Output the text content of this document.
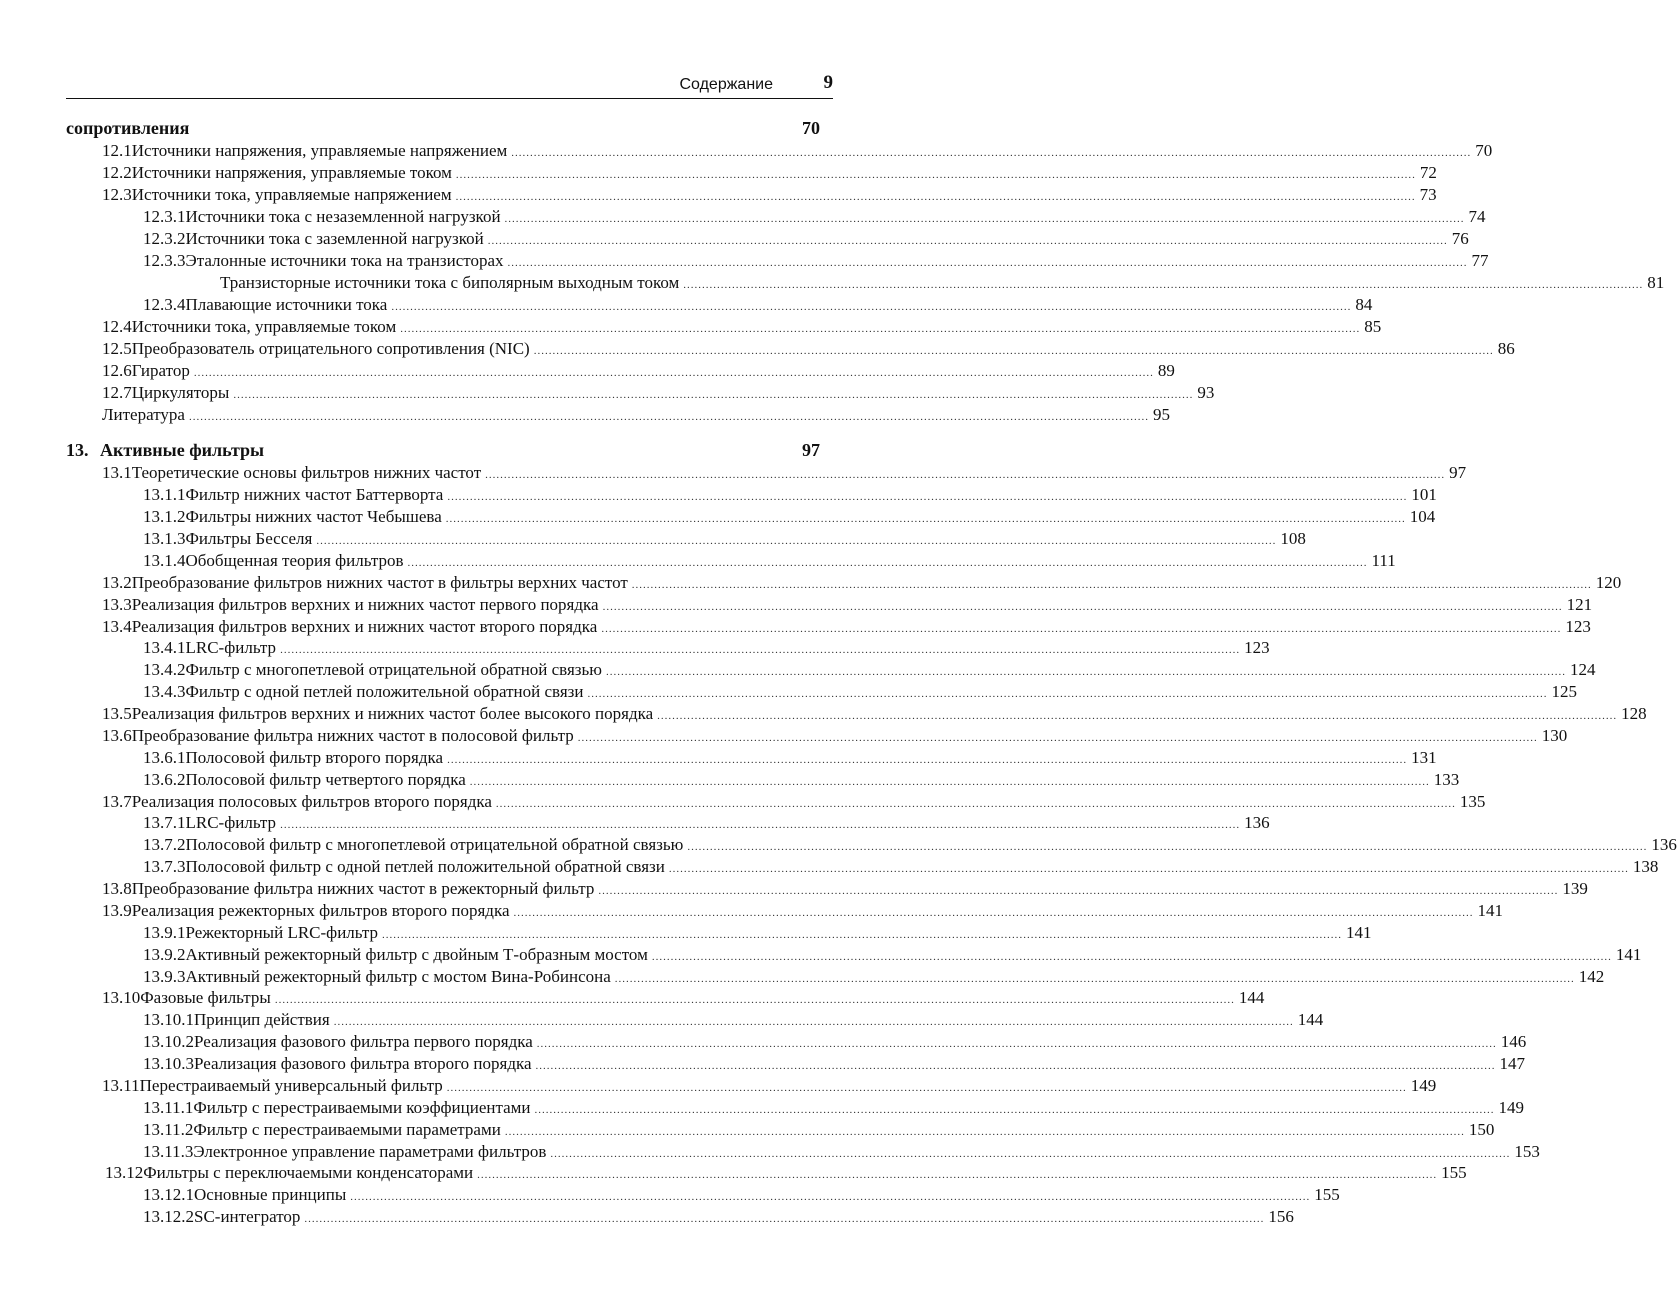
Содержание	9
сопротивления	70
12.1 Источники напряжения, управляемые напряжением .....	70
12.2 Источники напряжения, управляемые током .....	72
12.3 Источники тока, управляемые напряжением .....	73
12.3.1 Источники тока с незаземленной нагрузкой .....	74
12.3.2 Источники тока с заземленной нагрузкой .....	76
12.3.3 Эталонные источники тока на транзисторах .....	77
Транзисторные источники тока с биполярным выходным током .....	81
12.3.4 Плавающие источники тока .....	84
12.4 Источники тока, управляемые током .....	85
12.5 Преобразователь отрицательного сопротивления (NIC) .....	86
12.6 Гиратор .....	89
12.7 Циркуляторы .....	93
Литература .....	95
13. Активные фильтры	97
13.1 Теоретические основы фильтров нижних частот .....	97
13.1.1 Фильтр нижних частот Баттерворта .....	101
13.1.2 Фильтры нижних частот Чебышева .....	104
13.1.3 Фильтры Бесселя .....	108
13.1.4 Обобщенная теория фильтров .....	111
13.2 Преобразование фильтров нижних частот в фильтры верхних частот .....	120
13.3 Реализация фильтров верхних и нижних частот первого порядка .....	121
13.4 Реализация фильтров верхних и нижних частот второго порядка .....	123
13.4.1 LRC-фильтр .....	123
13.4.2 Фильтр с многопетлевой отрицательной обратной связью .....	124
13.4.3 Фильтр с одной петлей положительной обратной связи .....	125
13.5 Реализация фильтров верхних и нижних частот более высокого порядка .....	128
13.6 Преобразование фильтра нижних частот в полосовой фильтр .....	130
13.6.1 Полосовой фильтр второго порядка .....	131
13.6.2 Полосовой фильтр четвертого порядка .....	133
13.7 Реализация полосовых фильтров второго порядка .....	135
13.7.1 LRC-фильтр .....	136
13.7.2 Полосовой фильтр с многопетлевой отрицательной обратной связью .....	136
13.7.3 Полосовой фильтр с одной петлей положительной обратной связи .....	138
13.8 Преобразование фильтра нижних частот в режекторный фильтр .....	139
13.9 Реализация режекторных фильтров второго порядка .....	141
13.9.1 Режекторный LRC-фильтр .....	141
13.9.2 Активный режекторный фильтр с двойным Т-образным мостом .....	141
13.9.3 Активный режекторный фильтр с мостом Вина-Робинсона .....	142
13.10 Фазовые фильтры .....	144
13.10.1 Принцип действия .....	144
13.10.2 Реализация фазового фильтра первого порядка .....	146
13.10.3 Реализация фазового фильтра второго порядка .....	147
13.11 Перестраиваемый универсальный фильтр .....	149
13.11.1 Фильтр с перестраиваемыми коэффициентами .....	149
13.11.2 Фильтр с перестраиваемыми параметрами .....	150
13.11.3 Электронное управление параметрами фильтров .....	153
13.12 Фильтры с переключаемыми конденсаторами .....	155
13.12.1 Основные принципы .....	155
13.12.2 SC-интегратор .....	156
